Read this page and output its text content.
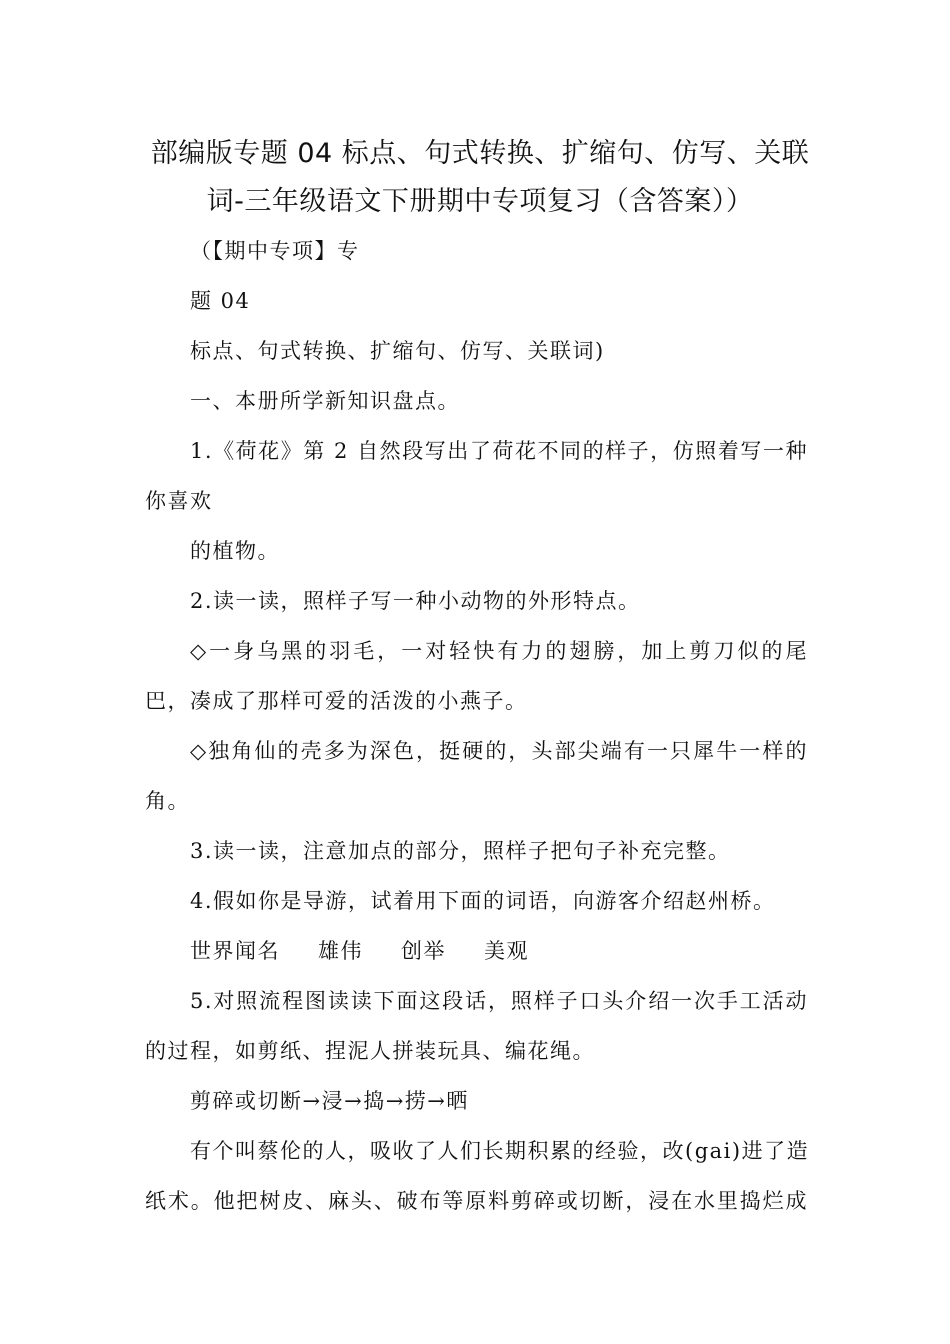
部编版专题 04 标点、句式转换、扩缩句、仿写、关联
词-三年级语文下册期中专项复习（含答案））
（【期中专项】专
题 04
标点、句式转换、扩缩句、仿写、关联词)
一、本册所学新知识盘点。
1.《荷花》第 2 自然段写出了荷花不同的样子，仿照着写一种
你喜欢
的植物。
2.读一读，照样子写一种小动物的外形特点。
◇一身乌黑的羽毛，一对轻快有力的翅膀，加上剪刀似的尾
巴，凑成了那样可爱的活泼的小燕子。
◇独角仙的壳多为深色，挺硬的，头部尖端有一只犀牛一样的
角。
3.读一读，注意加点的部分，照样子把句子补充完整。
4.假如你是导游，试着用下面的词语，向游客介绍赵州桥。
世界闻名 雄伟 创举 美观
5.对照流程图读读下面这段话，照样子口头介绍一次手工活动
的过程，如剪纸、捏泥人拼装玩具、编花绳。
剪碎或切断→浸→捣→捞→晒
有个叫蔡伦的人，吸收了人们长期积累的经验，改(gai)进了造
纸术。他把树皮、麻头、破布等原料剪碎或切断，浸在水里捣烂成
